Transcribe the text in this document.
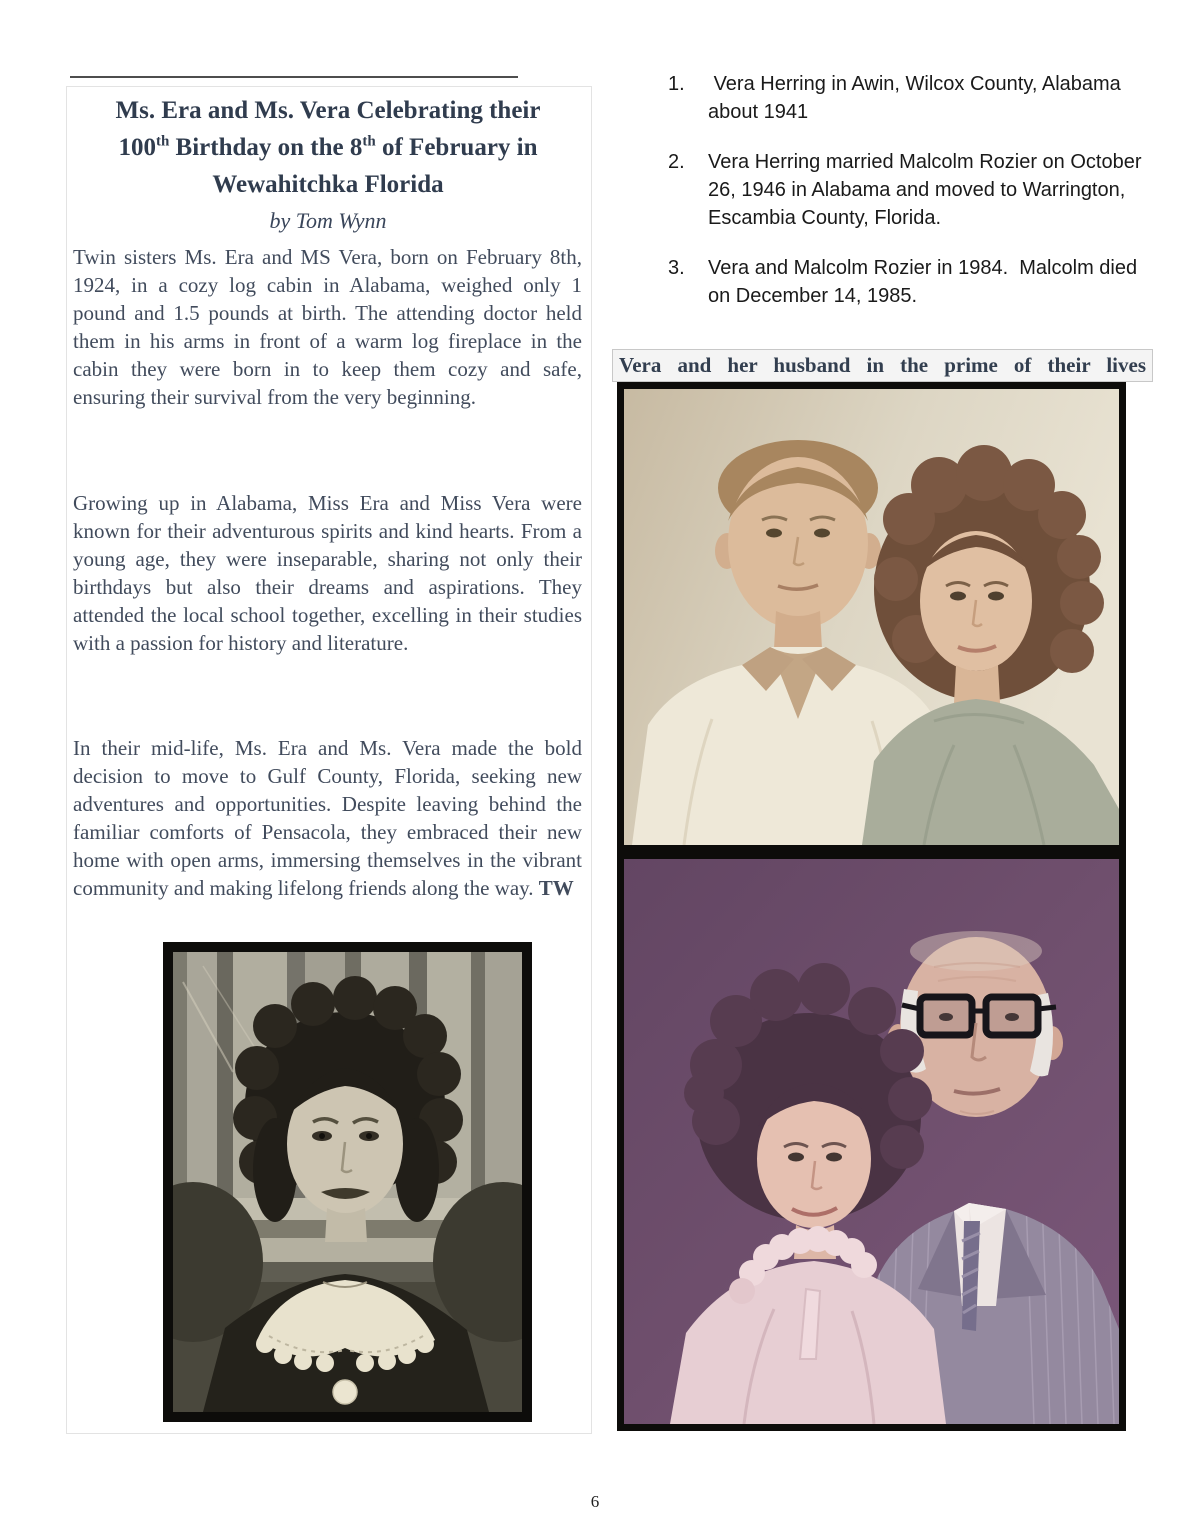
Ms. Era and Ms. Vera Celebrating their
100th Birthday on the 8th of February in
Wewahitchka Florida
by Tom Wynn

Twin sisters Ms. Era and MS Vera, born on February 8th, 1924, in a cozy log cabin in Alabama, weighed only 1 pound and 1.5 pounds at birth. The attending doctor held them in his arms in front of a warm log fireplace in the cabin they were born in to keep them cozy and safe, ensuring their survival from the very beginning.

Growing up in Alabama, Miss Era and Miss Vera were known for their adventurous spirits and kind hearts. From a young age, they were inseparable, sharing not only their birthdays but also their dreams and aspirations. They attended the local school together, excelling in their studies with a passion for history and literature.

In their mid-life, Ms. Era and Ms. Vera made the bold decision to move to Gulf County, Florida, seeking new adventures and opportunities. Despite leaving behind the familiar comforts of Pensacola, they embraced their new home with open arms, immersing themselves in the vibrant community and making lifelong friends along the way. TW

1.	Vera Herring in Awin, Wilcox County, Alabama about 1941
2.	Vera Herring married Malcolm Rozier on October 26, 1946 in Alabama and moved to Warrington, Escambia County, Florida.
3.	Vera and Malcolm Rozier in 1984.  Malcolm died on December 14, 1985.
Vera and her husband in the prime of their lives
6
